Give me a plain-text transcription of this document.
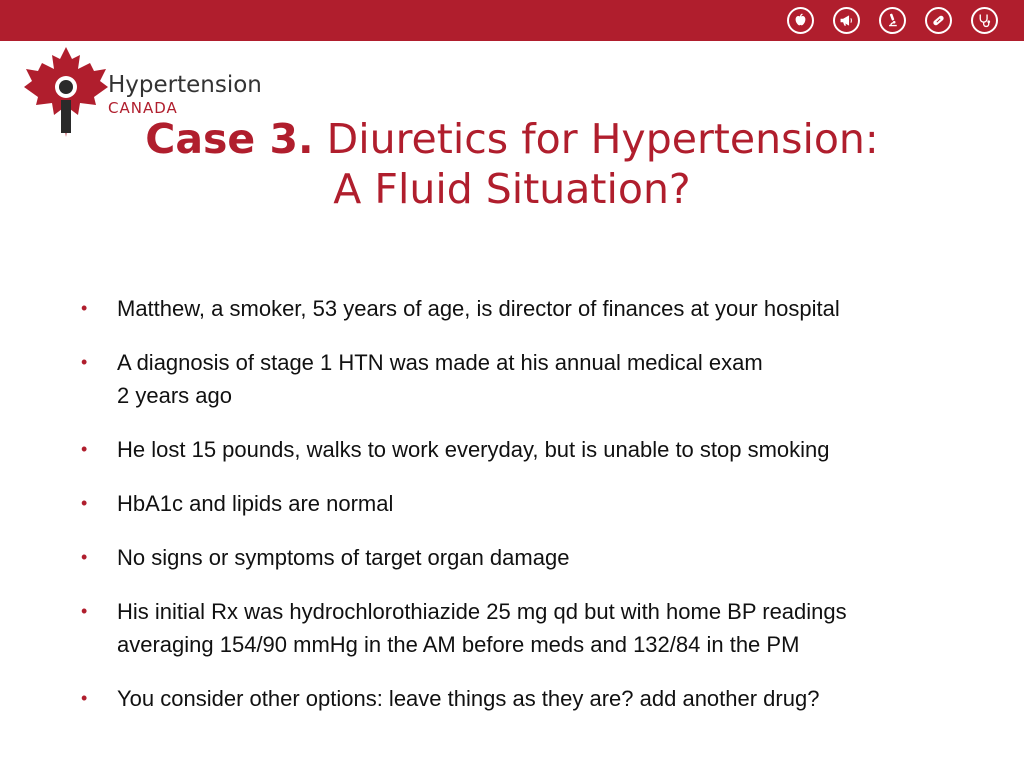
Hypertension
CANADA
Case 3. Diuretics for Hypertension:
A Fluid Situation?
• Matthew, a smoker, 53 years of age, is director of finances at your hospital
• A diagnosis of stage 1 HTN was made at his annual medical exam
2 years ago
• He lost 15 pounds, walks to work everyday, but is unable to stop smoking
• HbA1c and lipids are normal
• No signs or symptoms of target organ damage
• His initial Rx was hydrochlorothiazide 25 mg qd but with home BP readings
averaging 154/90 mmHg in the AM before meds and 132/84 in the PM
• You consider other options: leave things as they are? add another drug?
